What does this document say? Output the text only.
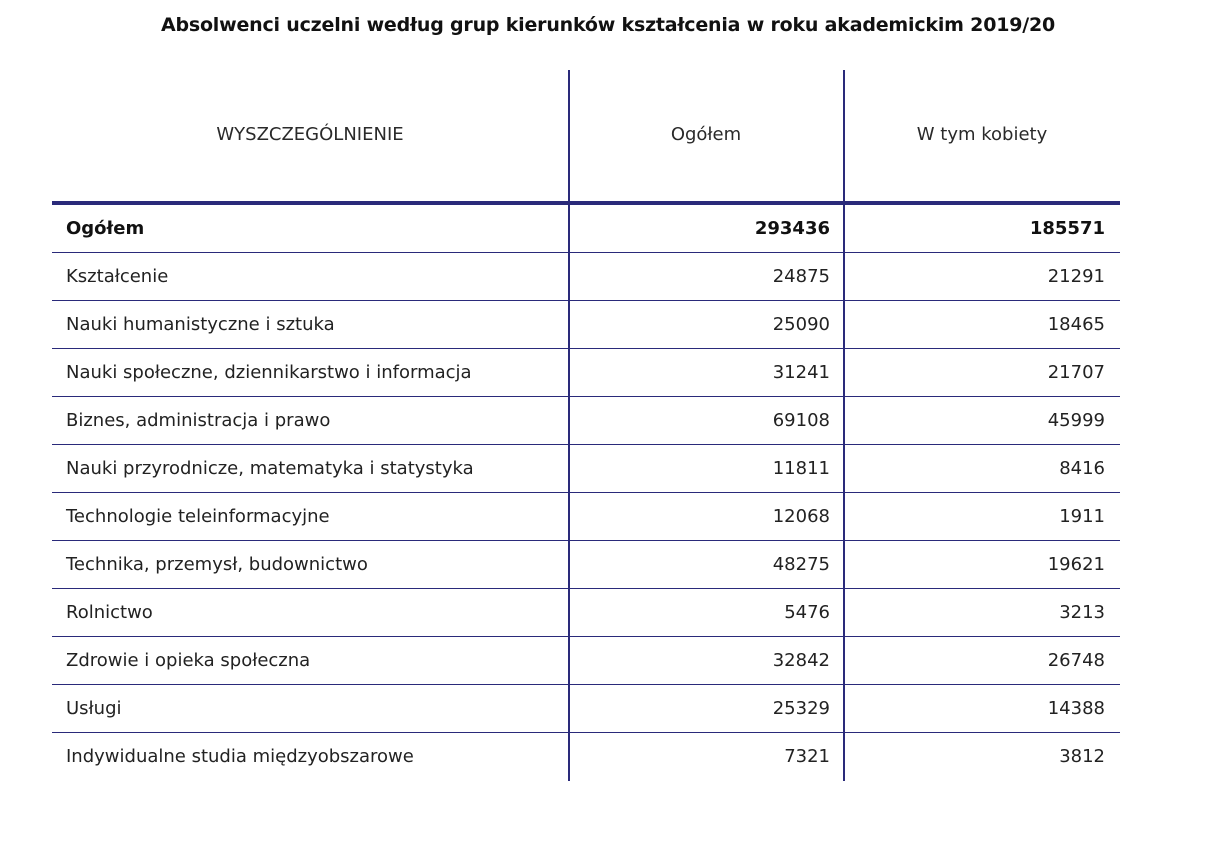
Absolwenci uczelni według grup kierunków kształcenia w roku akademickim 2019/20
WYSZCZEGÓLNIENIE	Ogółem	W tym kobiety
Ogółem	293436	185571
Kształcenie	24875	21291
Nauki humanistyczne i sztuka	25090	18465
Nauki społeczne, dziennikarstwo i informacja	31241	21707
Biznes, administracja i prawo	69108	45999
Nauki przyrodnicze, matematyka i statystyka	11811	8416
Technologie teleinformacyjne	12068	1911
Technika, przemysł, budownictwo	48275	19621
Rolnictwo	5476	3213
Zdrowie i opieka społeczna	32842	26748
Usługi	25329	14388
Indywidualne studia międzyobszarowe	7321	3812
